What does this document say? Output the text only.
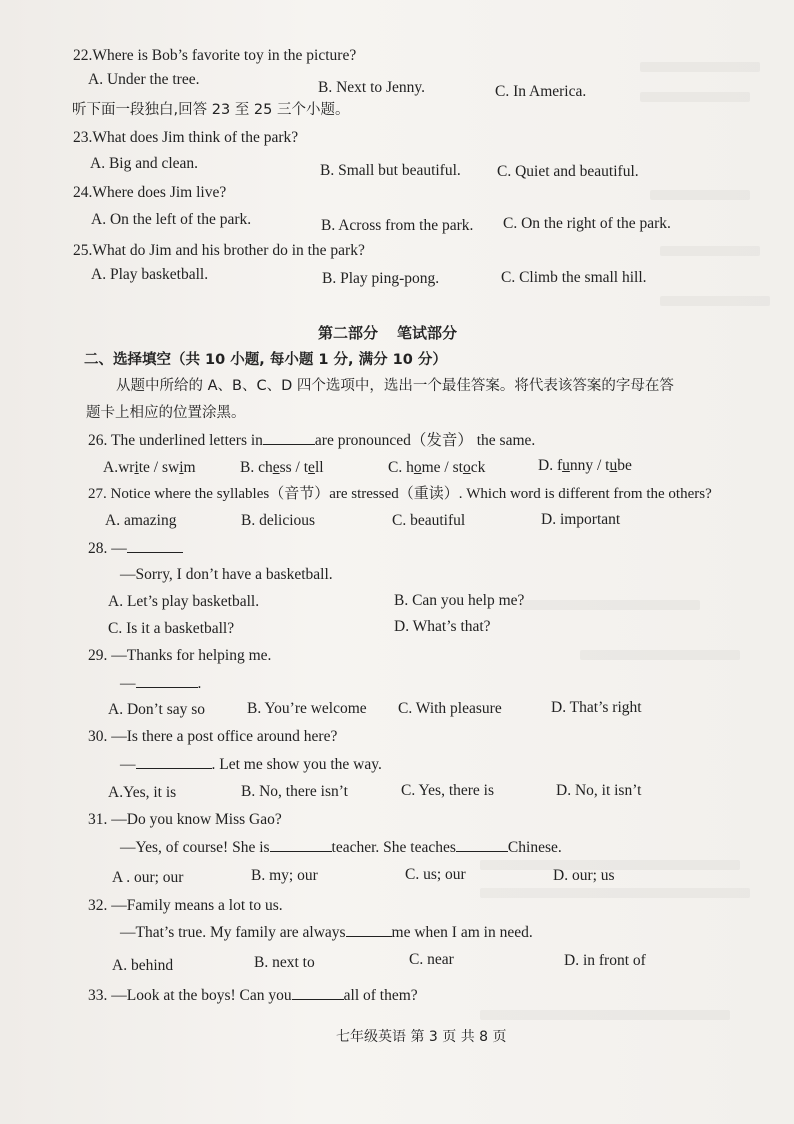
22.Where is Bob’s favorite toy in the picture?
A. Under the tree.	B. Next to Jenny.	C. In America.
听下面一段独白,回答 23 至 25 三个小题。
23.What does Jim think of the park?
A. Big and clean.	B. Small but beautiful. C. Quiet and beautiful.
24.Where does Jim live?
A. On the left of the park.	B. Across from the park. C. On the right of the park.
25.What do Jim and his brother do in the park?
A. Play basketball.	B. Play ping-pong.	C. Climb the small hill.
第二部分 笔试部分
二、选择填空（共 10 小题, 每小题 1 分, 满分 10 分）
从题中所给的 A、B、C、D 四个选项中，选出一个最佳答案。将代表该答案的字母在答
题卡上相应的位置涂黑。
26. The underlined letters in	are pronounced（发音） the same.
A.write / swim	B. chess / tell	C. home / stock	D. funny / tube
27. Notice where the syllables（音节）are stressed（重读）. Which word is different from the others?
A. amazing	B. delicious	C. beautiful	D. important
28. —
—Sorry, I don’t have a basketball.
A. Let’s play basketball.	B. Can you help me?
C. Is it a basketball?	D. What’s that?
29. —Thanks for helping me.
—	.
A. Don’t say so	B. You’re welcome C. With pleasure	D. That’s right
30. —Is there a post office around here?
—	. Let me show you the way.
A.Yes, it is	B. No, there isn’t	C. Yes, there is	D. No, it isn’t
31. —Do you know Miss Gao?
—Yes, of course! She is	teacher. She teaches	Chinese.
A . our; our	B. my; our	C. us; our	D. our; us
32. —Family means a lot to us.
—That’s true. My family are always	me when I am in need.
A. behind	B. next to	C. near	D. in front of
33. —Look at the boys! Can you	all of them?
七年级英语 第 3 页 共 8 页
